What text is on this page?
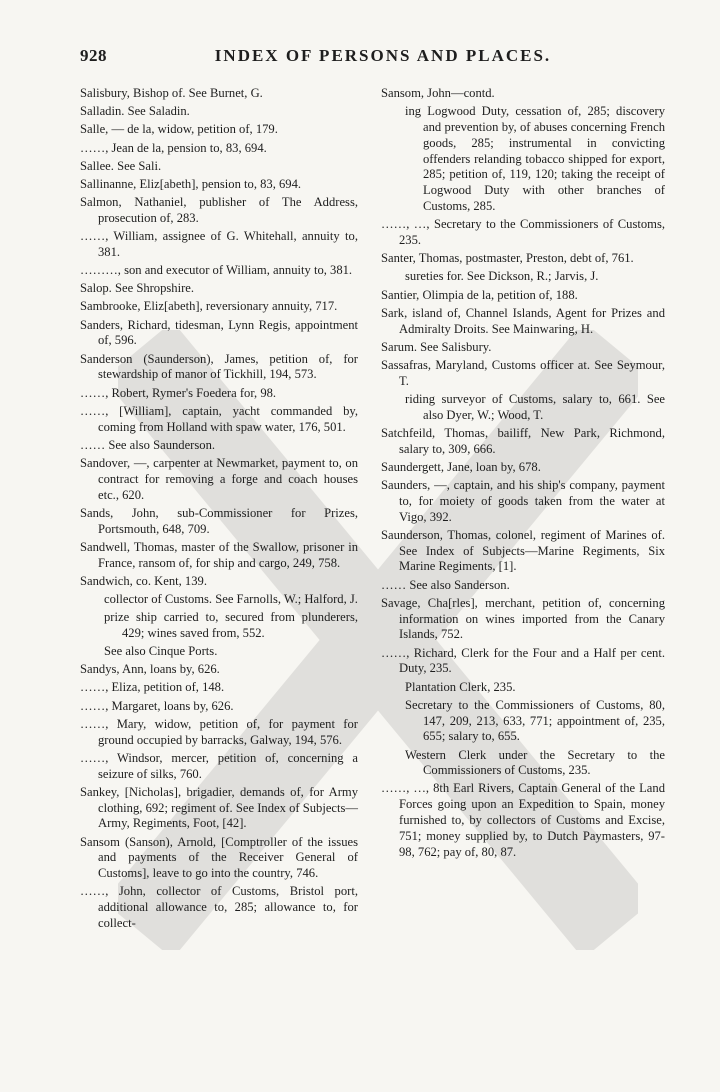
INDEX OF PERSONS AND PLACES.
928

Salisbury, Bishop of. See Burnet, G.

Salladin. See Saladin.

Salle, — de la, widow, petition of, 179.

……, Jean de la, pension to, 83, 694.

Sallee. See Sali.

Sallinanne, Eliz[abeth], pension to, 83, 694.

Salmon, Nathaniel, publisher of The Address, prosecution of, 283.

……, William, assignee of G. Whitehall, annuity to, 381.

………, son and executor of William, annuity to, 381.

Salop. See Shropshire.

Sambrooke, Eliz[abeth], reversionary annuity, 717.

Sanders, Richard, tidesman, Lynn Regis, appointment of, 596.

Sanderson (Saunderson), James, petition of, for stewardship of manor of Tickhill, 194, 573.

……, Robert, Rymer's Foedera for, 98.

……, [William], captain, yacht commanded by, coming from Holland with spaw water, 176, 501.

…… See also Saunderson.

Sandover, —, carpenter at Newmarket, payment to, on contract for removing a forge and coach houses etc., 620.

Sands, John, sub-Commissioner for Prizes, Portsmouth, 648, 709.

Sandwell, Thomas, master of the Swallow, prisoner in France, ransom of, for ship and cargo, 249, 758.

Sandwich, co. Kent, 139.

collector of Customs. See Farnolls, W.; Halford, J.

prize ship carried to, secured from plunderers, 429; wines saved from, 552.

See also Cinque Ports.

Sandys, Ann, loans by, 626.

……, Eliza, petition of, 148.

……, Margaret, loans by, 626.

……, Mary, widow, petition of, for payment for ground occupied by barracks, Galway, 194, 576.

……, Windsor, mercer, petition of, concerning a seizure of silks, 760.

Sankey, [Nicholas], brigadier, demands of, for Army clothing, 692; regiment of. See Index of Subjects—Army, Regiments, Foot, [42].

Sansom (Sanson), Arnold, [Comptroller of the issues and payments of the Receiver General of Customs], leave to go into the country, 746.

……, John, collector of Customs, Bristol port, additional allowance to, 285; allowance to, for collect-

Sansom, John—contd.

ing Logwood Duty, cessation of, 285; discovery and prevention by, of abuses concerning French goods, 285; instrumental in convicting offenders relanding tobacco shipped for export, 285; petition of, 119, 120; taking the receipt of Logwood Duty with other branches of Customs, 285.

……, …, Secretary to the Commissioners of Customs, 235.

Santer, Thomas, postmaster, Preston, debt of, 761.

sureties for. See Dickson, R.; Jarvis, J.

Santier, Olimpia de la, petition of, 188.

Sark, island of, Channel Islands, Agent for Prizes and Admiralty Droits. See Mainwaring, H.

Sarum. See Salisbury.

Sassafras, Maryland, Customs officer at. See Seymour, T.

riding surveyor of Customs, salary to, 661. See also Dyer, W.; Wood, T.

Satchfeild, Thomas, bailiff, New Park, Richmond, salary to, 309, 666.

Saundergett, Jane, loan by, 678.

Saunders, —, captain, and his ship's company, payment to, for moiety of goods taken from the water at Vigo, 392.

Saunderson, Thomas, colonel, regiment of Marines of. See Index of Subjects—Marine Regiments, Six Marine Regiments, [1].

…… See also Sanderson.

Savage, Cha[rles], merchant, petition of, concerning information on wines imported from the Canary Islands, 752.

……, Richard, Clerk for the Four and a Half per cent. Duty, 235.

Plantation Clerk, 235.

Secretary to the Commissioners of Customs, 80, 147, 209, 213, 633, 771; appointment of, 235, 655; salary to, 655.

Western Clerk under the Secretary to the Commissioners of Customs, 235.

……, …, 8th Earl Rivers, Captain General of the Land Forces going upon an Expedition to Spain, money furnished to, by collectors of Customs and Excise, 751; money supplied by, to Dutch Paymasters, 97-98, 762; pay of, 80, 87.
